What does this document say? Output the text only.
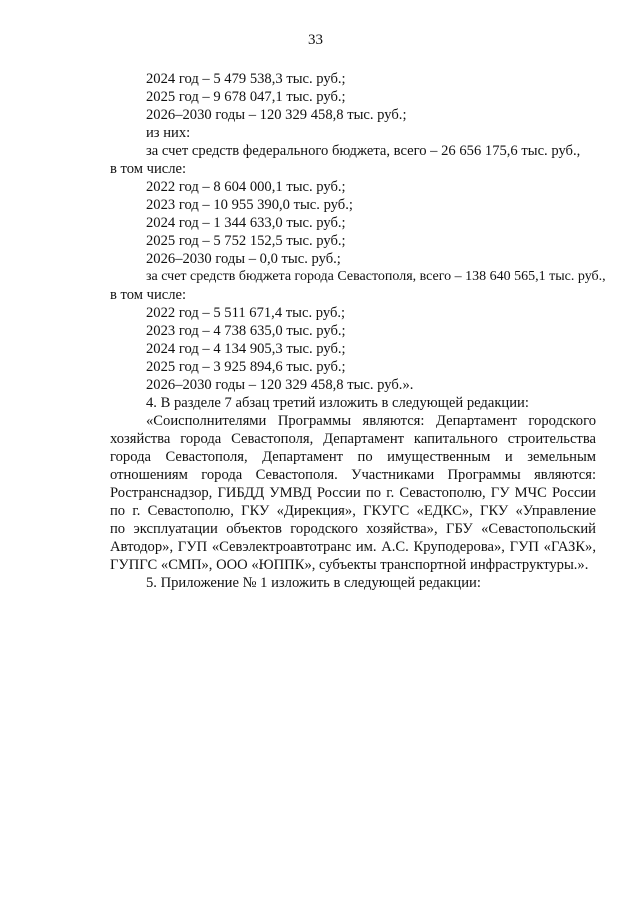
33
2024 год – 5 479 538,3 тыс. руб.;
2025 год – 9 678 047,1 тыс. руб.;
2026–2030 годы – 120 329 458,8 тыс. руб.;
из них:
за счет средств федерального бюджета, всего – 26 656 175,6 тыс. руб.,
в том числе:
2022 год – 8 604 000,1 тыс. руб.;
2023 год – 10 955 390,0 тыс. руб.;
2024 год – 1 344 633,0 тыс. руб.;
2025 год – 5 752 152,5 тыс. руб.;
2026–2030 годы – 0,0 тыс. руб.;
за счет средств бюджета города Севастополя, всего – 138 640 565,1 тыс. руб.,
в том числе:
2022 год – 5 511 671,4 тыс. руб.;
2023 год – 4 738 635,0 тыс. руб.;
2024 год – 4 134 905,3 тыс. руб.;
2025 год – 3 925 894,6 тыс. руб.;
2026–2030 годы – 120 329 458,8 тыс. руб.».
4. В разделе 7 абзац третий изложить в следующей редакции:
«Соисполнителями Программы являются: Департамент городского
хозяйства города Севастополя, Департамент капитального строительства
города Севастополя, Департамент по имущественным и земельным
отношениям города Севастополя. Участниками Программы являются:
Ространснадзор, ГИБДД УМВД России по г. Севастополю, ГУ МЧС России
по г. Севастополю, ГКУ «Дирекция», ГКУГС «ЕДКС», ГКУ «Управление
по эксплуатации объектов городского хозяйства», ГБУ «Севастопольский
Автодор», ГУП «Севэлектроавтотранс им. А.С. Круподерова», ГУП «ГАЗК»,
ГУПГС «СМП», ООО «ЮППК», субъекты транспортной инфраструктуры.».
5. Приложение № 1 изложить в следующей редакции:
